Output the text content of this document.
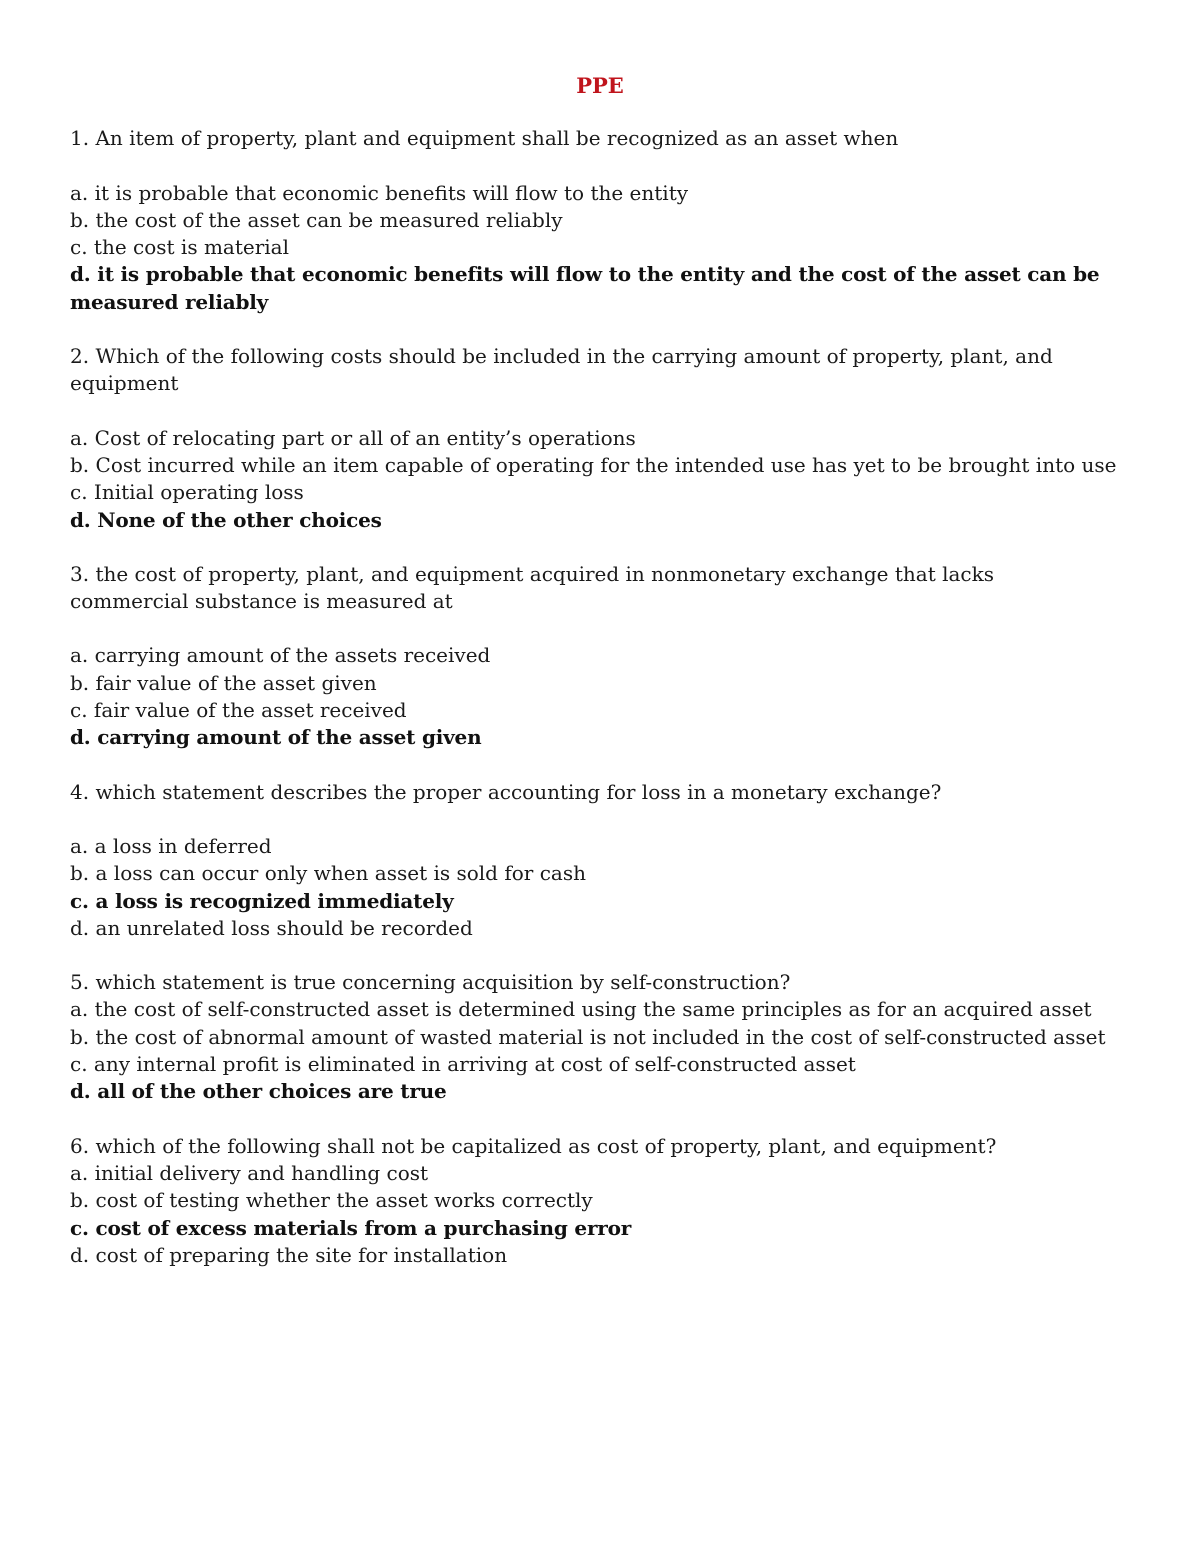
PPE

1. An item of property, plant and equipment shall be recognized as an asset when

a. it is probable that economic benefits will flow to the entity
b. the cost of the asset can be measured reliably
c. the cost is material
d. it is probable that economic benefits will flow to the entity and the cost of the asset can be measured reliably

2. Which of the following costs should be included in the carrying amount of property, plant, and equipment

a. Cost of relocating part or all of an entity’s operations
b. Cost incurred while an item capable of operating for the intended use has yet to be brought into use
c. Initial operating loss
d. None of the other choices

3. the cost of property, plant, and equipment acquired in nonmonetary exchange that lacks commercial substance is measured at

a. carrying amount of the assets received
b. fair value of the asset given
c. fair value of the asset received
d. carrying amount of the asset given

4. which statement describes the proper accounting for loss in a monetary exchange?

a. a loss in deferred
b. a loss can occur only when asset is sold for cash
c. a loss is recognized immediately
d. an unrelated loss should be recorded

5. which statement is true concerning acquisition by self-construction?

a. the cost of self-constructed asset is determined using the same principles as for an acquired asset
b. the cost of abnormal amount of wasted material is not included in the cost of self-constructed asset
c. any internal profit is eliminated in arriving at cost of self-constructed asset
d. all of the other choices are true

6. which of the following shall not be capitalized as cost of property, plant, and equipment?

a. initial delivery and handling cost
b. cost of testing whether the asset works correctly
c. cost of excess materials from a purchasing error
d. cost of preparing the site for installation
